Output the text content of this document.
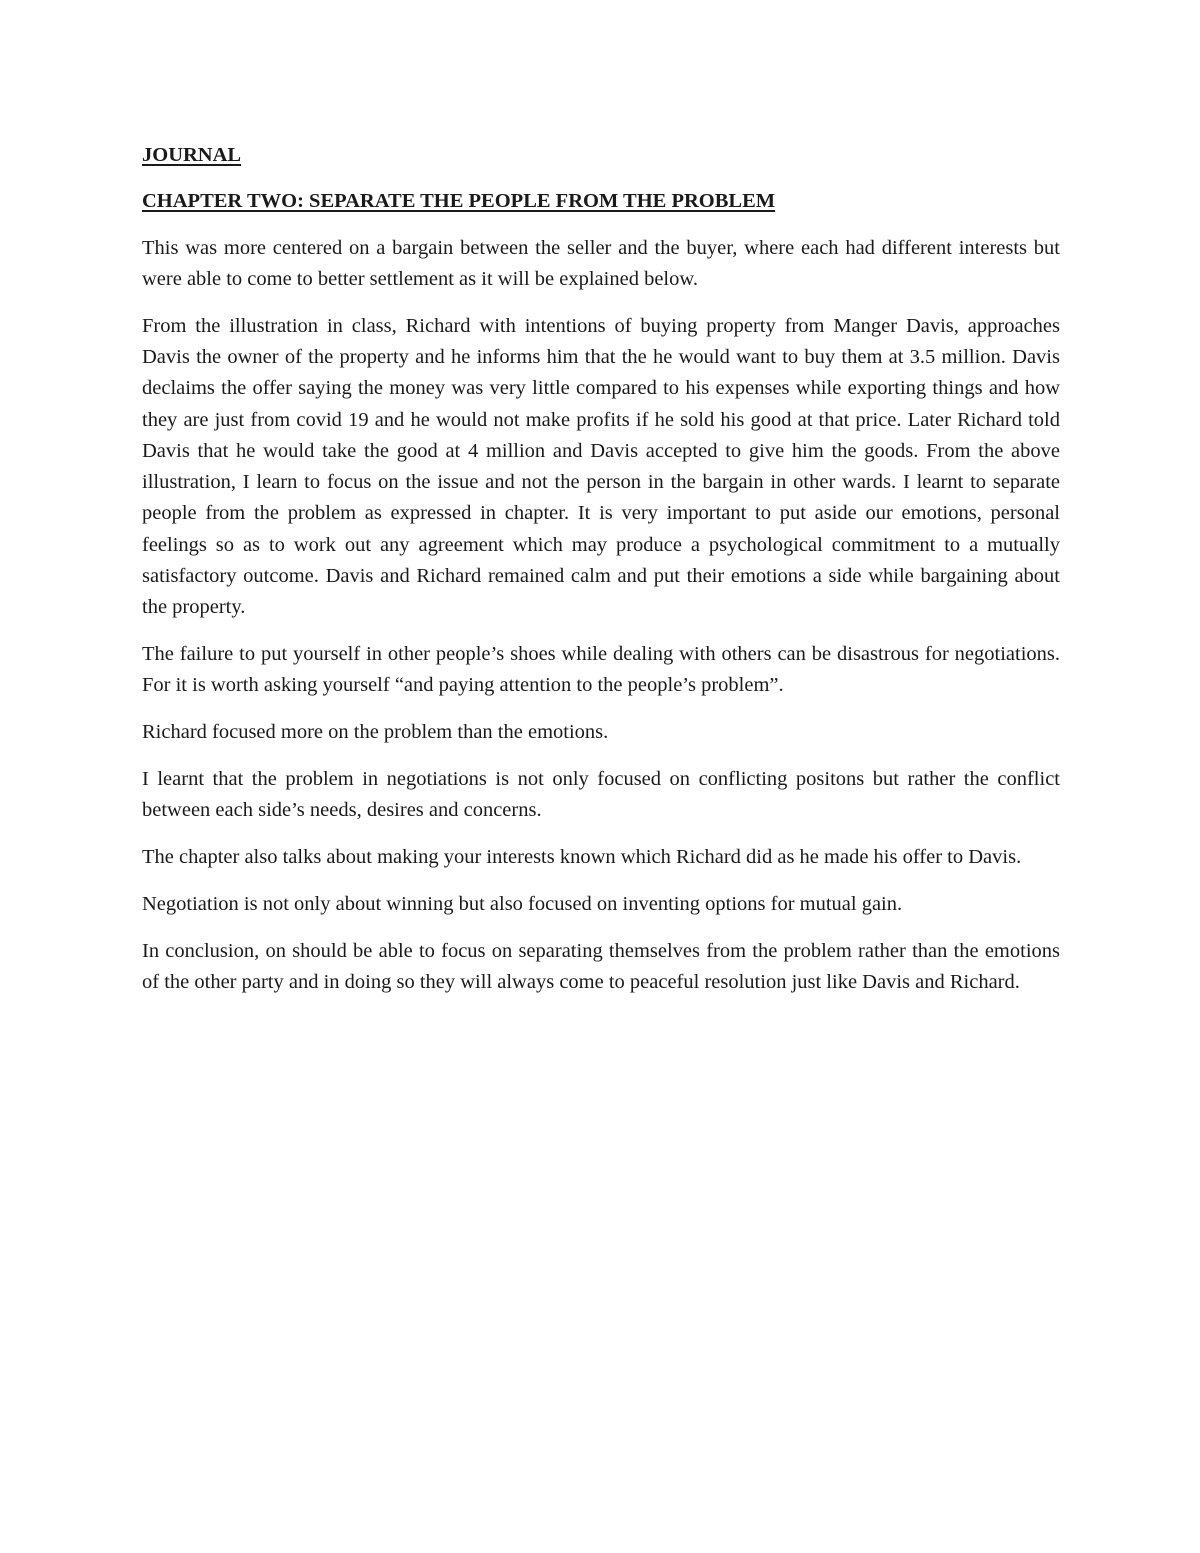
JOURNAL

CHAPTER TWO: SEPARATE THE PEOPLE FROM THE PROBLEM

This was more centered on a bargain between the seller and the buyer, where each had different interests but were able to come to better settlement as it will be explained below.

From the illustration in class, Richard with intentions of buying property from Manger Davis, approaches Davis the owner of the property and he informs him that the he would want to buy them at 3.5 million. Davis declaims the offer saying the money was very little compared to his expenses while exporting things and how they are just from covid 19 and he would not make profits if he sold his good at that price. Later Richard told Davis that he would take the good at 4 million and Davis accepted to give him the goods. From the above illustration, I learn to focus on the issue and not the person in the bargain in other wards. I learnt to separate people from the problem as expressed in chapter. It is very important to put aside our emotions, personal feelings so as to work out any agreement which may produce a psychological commitment to a mutually satisfactory outcome. Davis and Richard remained calm and put their emotions a side while bargaining about the property.

The failure to put yourself in other people’s shoes while dealing with others can be disastrous for negotiations. For it is worth asking yourself “and paying attention to the people’s problem”.

Richard focused more on the problem than the emotions.

I learnt that the problem in negotiations is not only focused on conflicting positons but rather the conflict between each side’s needs, desires and concerns.

The chapter also talks about making your interests known which Richard did as he made his offer to Davis.

Negotiation is not only about winning but also focused on inventing options for mutual gain.

In conclusion, on should be able to focus on separating themselves from the problem rather than the emotions of the other party and in doing so they will always come to peaceful resolution just like Davis and Richard.
